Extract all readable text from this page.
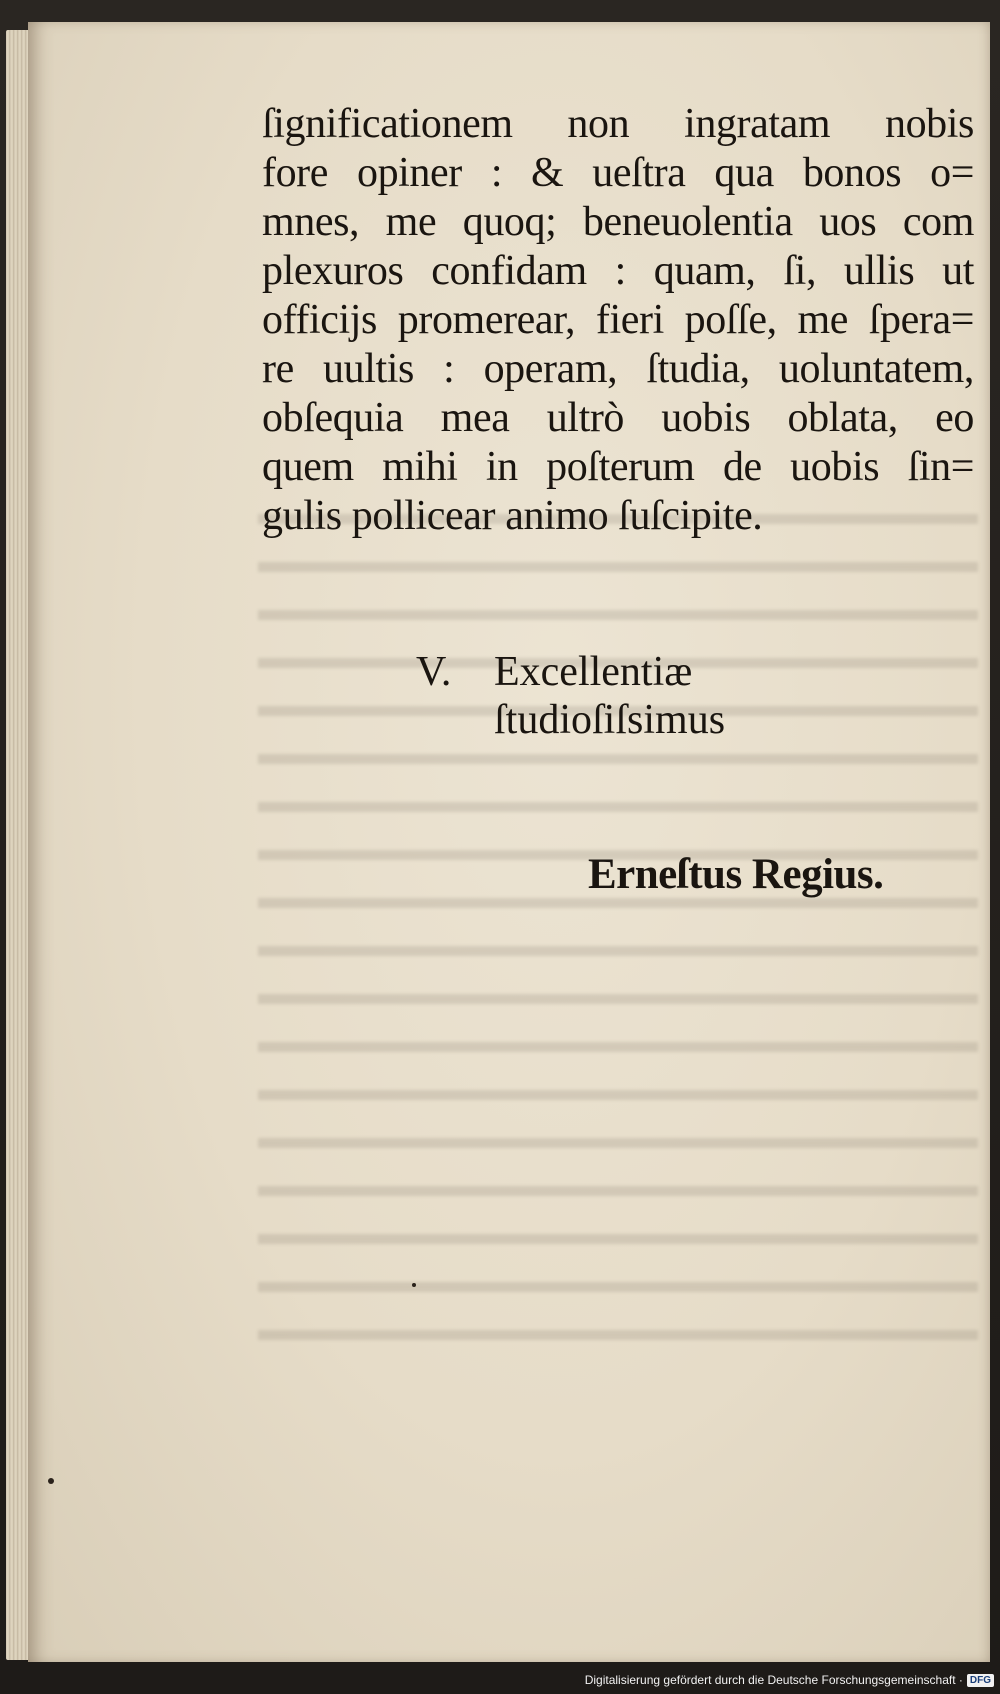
ſignificationem non ingratam nobis
fore opiner : & ueſtra qua bonos o=
mnes, me quoq; beneuolentia uos com
plexuros confidam : quam, ſi, ullis ut
officijs promerear, fieri poſſe, me ſpera=
re uultis : operam, ſtudia, uoluntatem,
obſequia mea ultrò uobis oblata, eo
quem mihi in poſterum de uobis ſin=
gulis pollicear animo ſuſcipite.
V. Excellentiæ
ſtudioſiſsimus
Erneſtus Regius.
Digitalisierung gefördert durch die Deutsche Forschungsgemeinschaft · DFG
